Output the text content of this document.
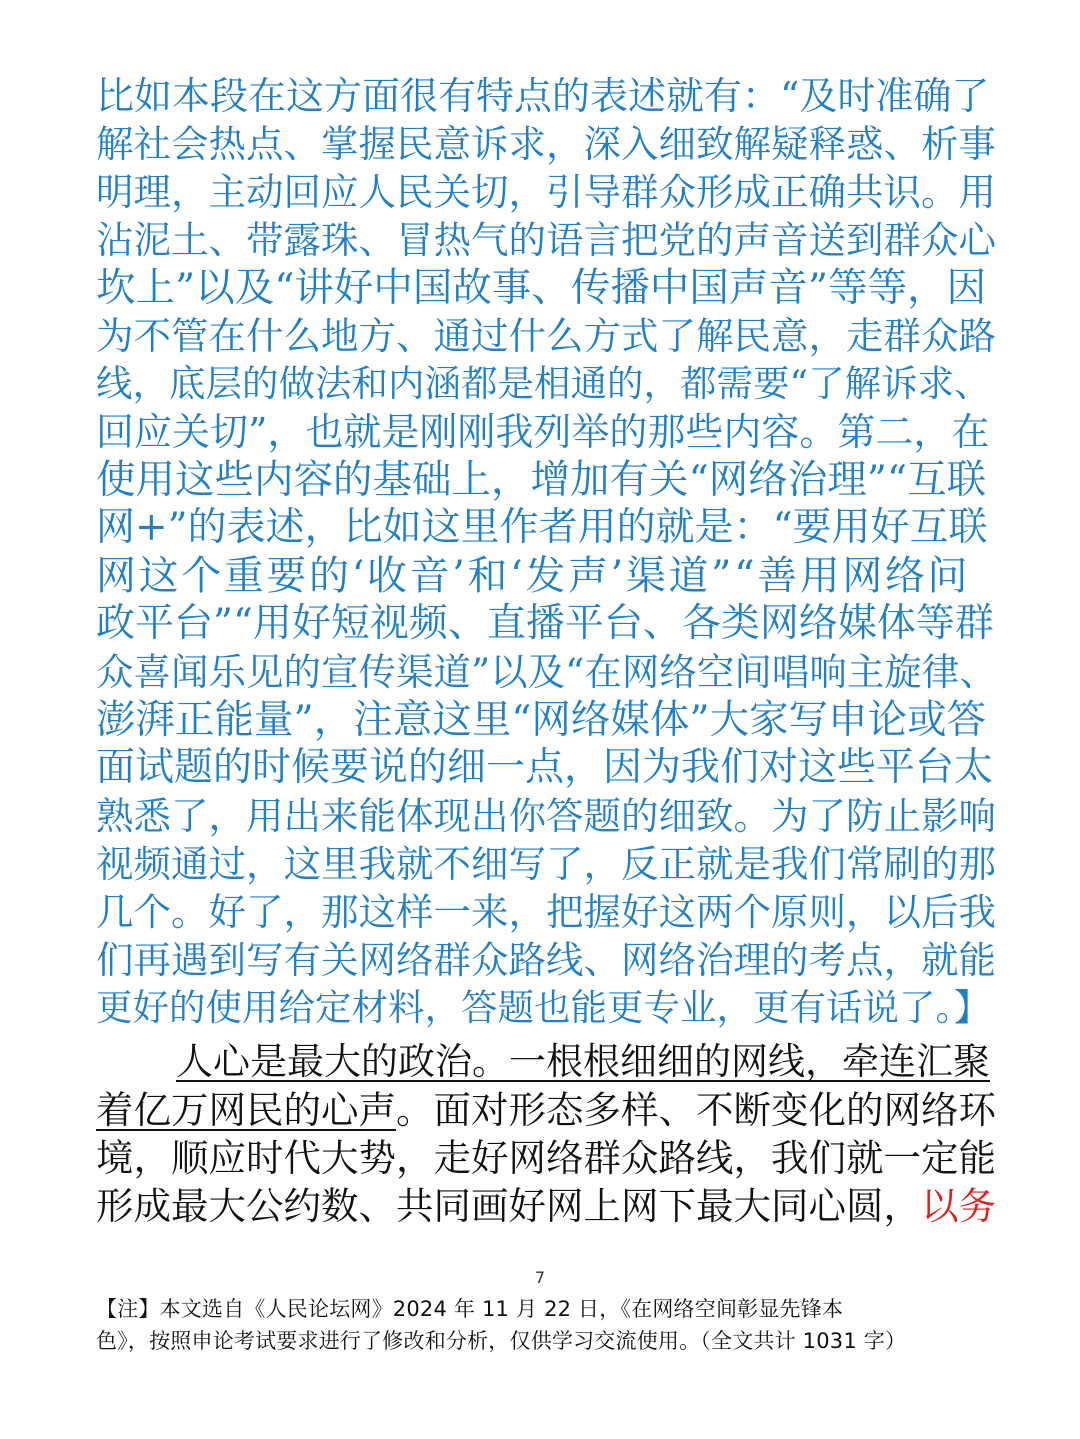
比如本段在这方面很有特点的表述就有：“及时准确了
解社会热点、掌握民意诉求，深入细致解疑释惑、析事
明理，主动回应人民关切，引导群众形成正确共识。用
沾泥土、带露珠、冒热气的语言把党的声音送到群众心
坎上”以及“讲好中国故事、传播中国声音”等等，因
为不管在什么地方、通过什么方式了解民意，走群众路
线，底层的做法和内涵都是相通的，都需要“了解诉求、
回应关切”，也就是刚刚我列举的那些内容。第二，在
使用这些内容的基础上，增加有关“网络治理”“互联
网+”的表述，比如这里作者用的就是：“要用好互联
网这个重要的‘收音’和‘发声’渠道”“善用网络问
政平台”“用好短视频、直播平台、各类网络媒体等群
众喜闻乐见的宣传渠道”以及“在网络空间唱响主旋律、
澎湃正能量”，注意这里“网络媒体”大家写申论或答
面试题的时候要说的细一点，因为我们对这些平台太
熟悉了，用出来能体现出你答题的细致。为了防止影响
视频通过，这里我就不细写了，反正就是我们常刷的那
几个。好了，那这样一来，把握好这两个原则，以后我
们再遇到写有关网络群众路线、网络治理的考点，就能
更好的使用给定材料，答题也能更专业，更有话说了。】
人心是最大的政治。一根根细细的网线，牵连汇聚
着亿万网民的心声。面对形态多样、不断变化的网络环
境，顺应时代大势，走好网络群众路线，我们就一定能
形成最大公约数、共同画好网上网下最大同心圆，以务
7
【注】本文选自《人民论坛网》2024 年 11 月 22 日，《在网络空间彰显先锋本
色》，按照申论考试要求进行了修改和分析，仅供学习交流使用。（全文共计 1031 字）
